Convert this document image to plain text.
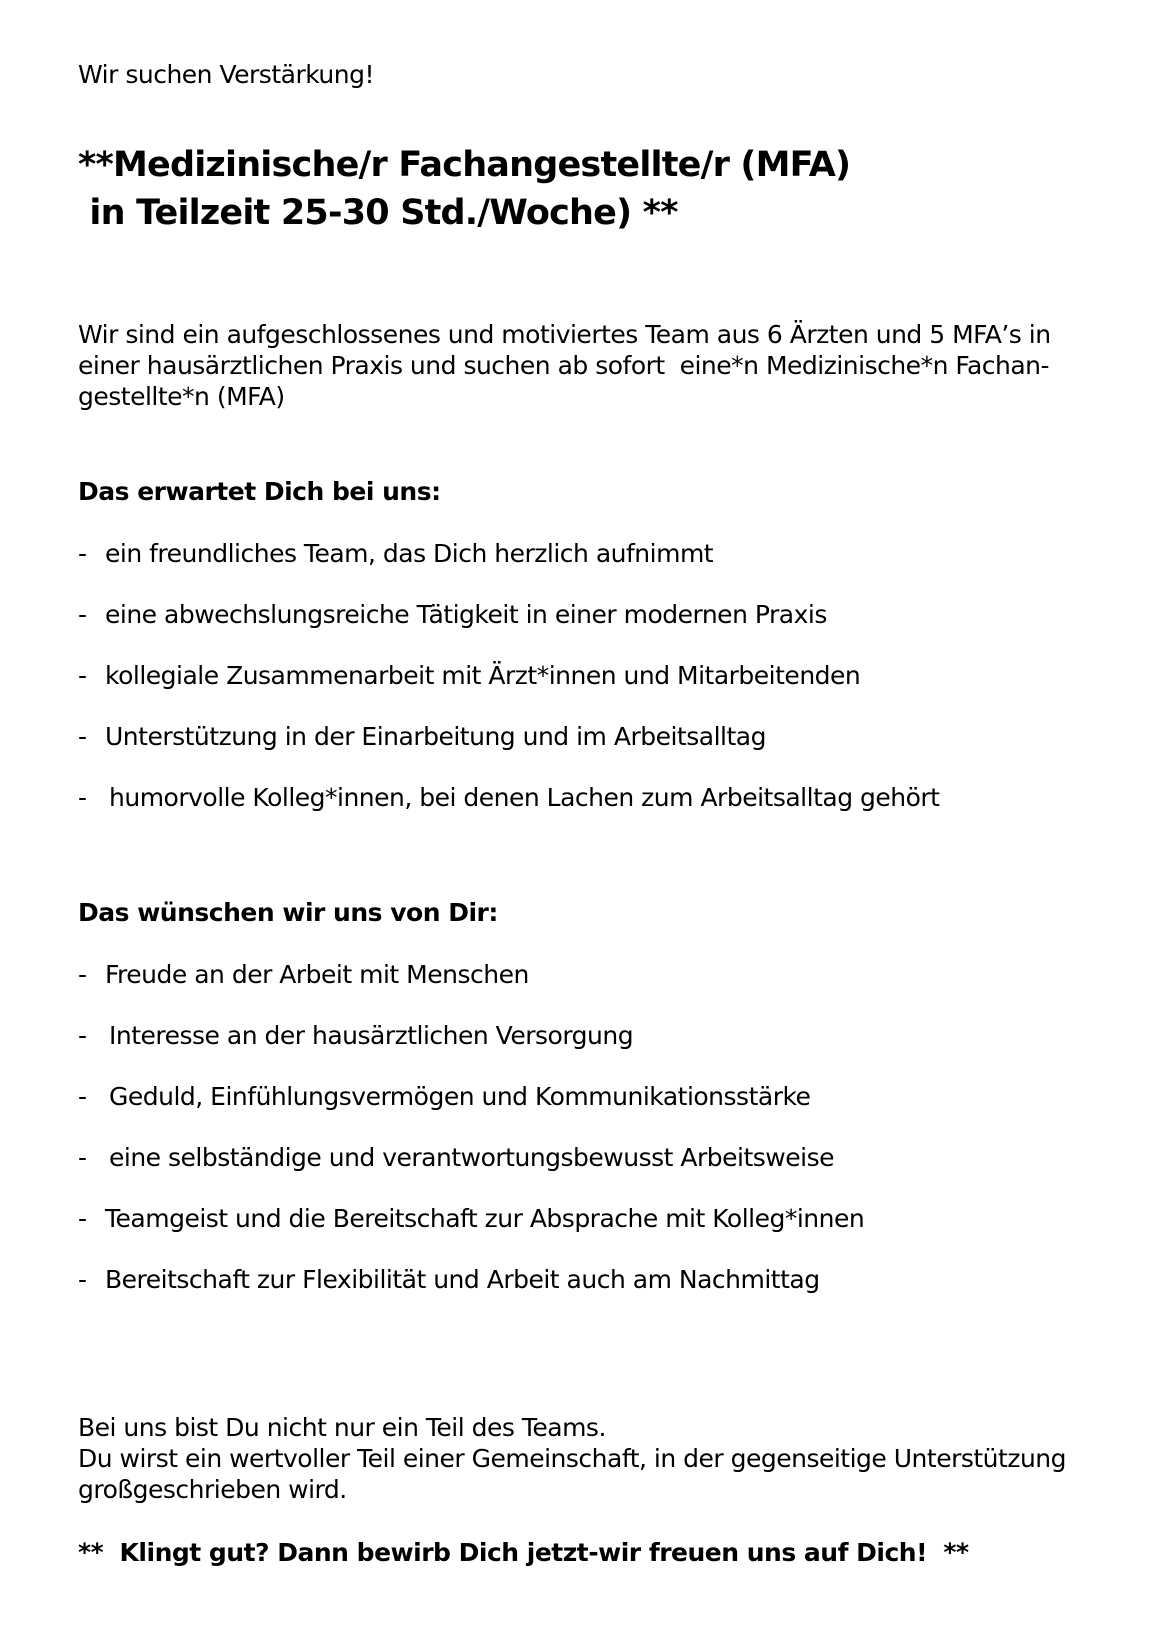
Wir suchen Verstärkung!
**Medizinische/r Fachangestellte/r (MFA)
in Teilzeit 25-30 Std./Woche) **
Wir sind ein aufgeschlossenes und motiviertes Team aus 6 Ärzten und 5 MFA’s in
einer hausärztlichen Praxis und suchen ab sofort  eine*n Medizinische*n Fachan-
gestellte*n (MFA)
Das erwartet Dich bei uns:
- ein freundliches Team, das Dich herzlich aufnimmt
- eine abwechslungsreiche Tätigkeit in einer modernen Praxis
- kollegiale Zusammenarbeit mit Ärzt*innen und Mitarbeitenden
- Unterstützung in der Einarbeitung und im Arbeitsalltag
- humorvolle Kolleg*innen, bei denen Lachen zum Arbeitsalltag gehört
Das wünschen wir uns von Dir:
- Freude an der Arbeit mit Menschen
- Interesse an der hausärztlichen Versorgung
- Geduld, Einfühlungsvermögen und Kommunikationsstärke
- eine selbständige und verantwortungsbewusst Arbeitsweise
- Teamgeist und die Bereitschaft zur Absprache mit Kolleg*innen
- Bereitschaft zur Flexibilität und Arbeit auch am Nachmittag
Bei uns bist Du nicht nur ein Teil des Teams.
Du wirst ein wertvoller Teil einer Gemeinschaft, in der gegenseitige Unterstützung
großgeschrieben wird.
**  Klingt gut? Dann bewirb Dich jetzt-wir freuen uns auf Dich!  **
